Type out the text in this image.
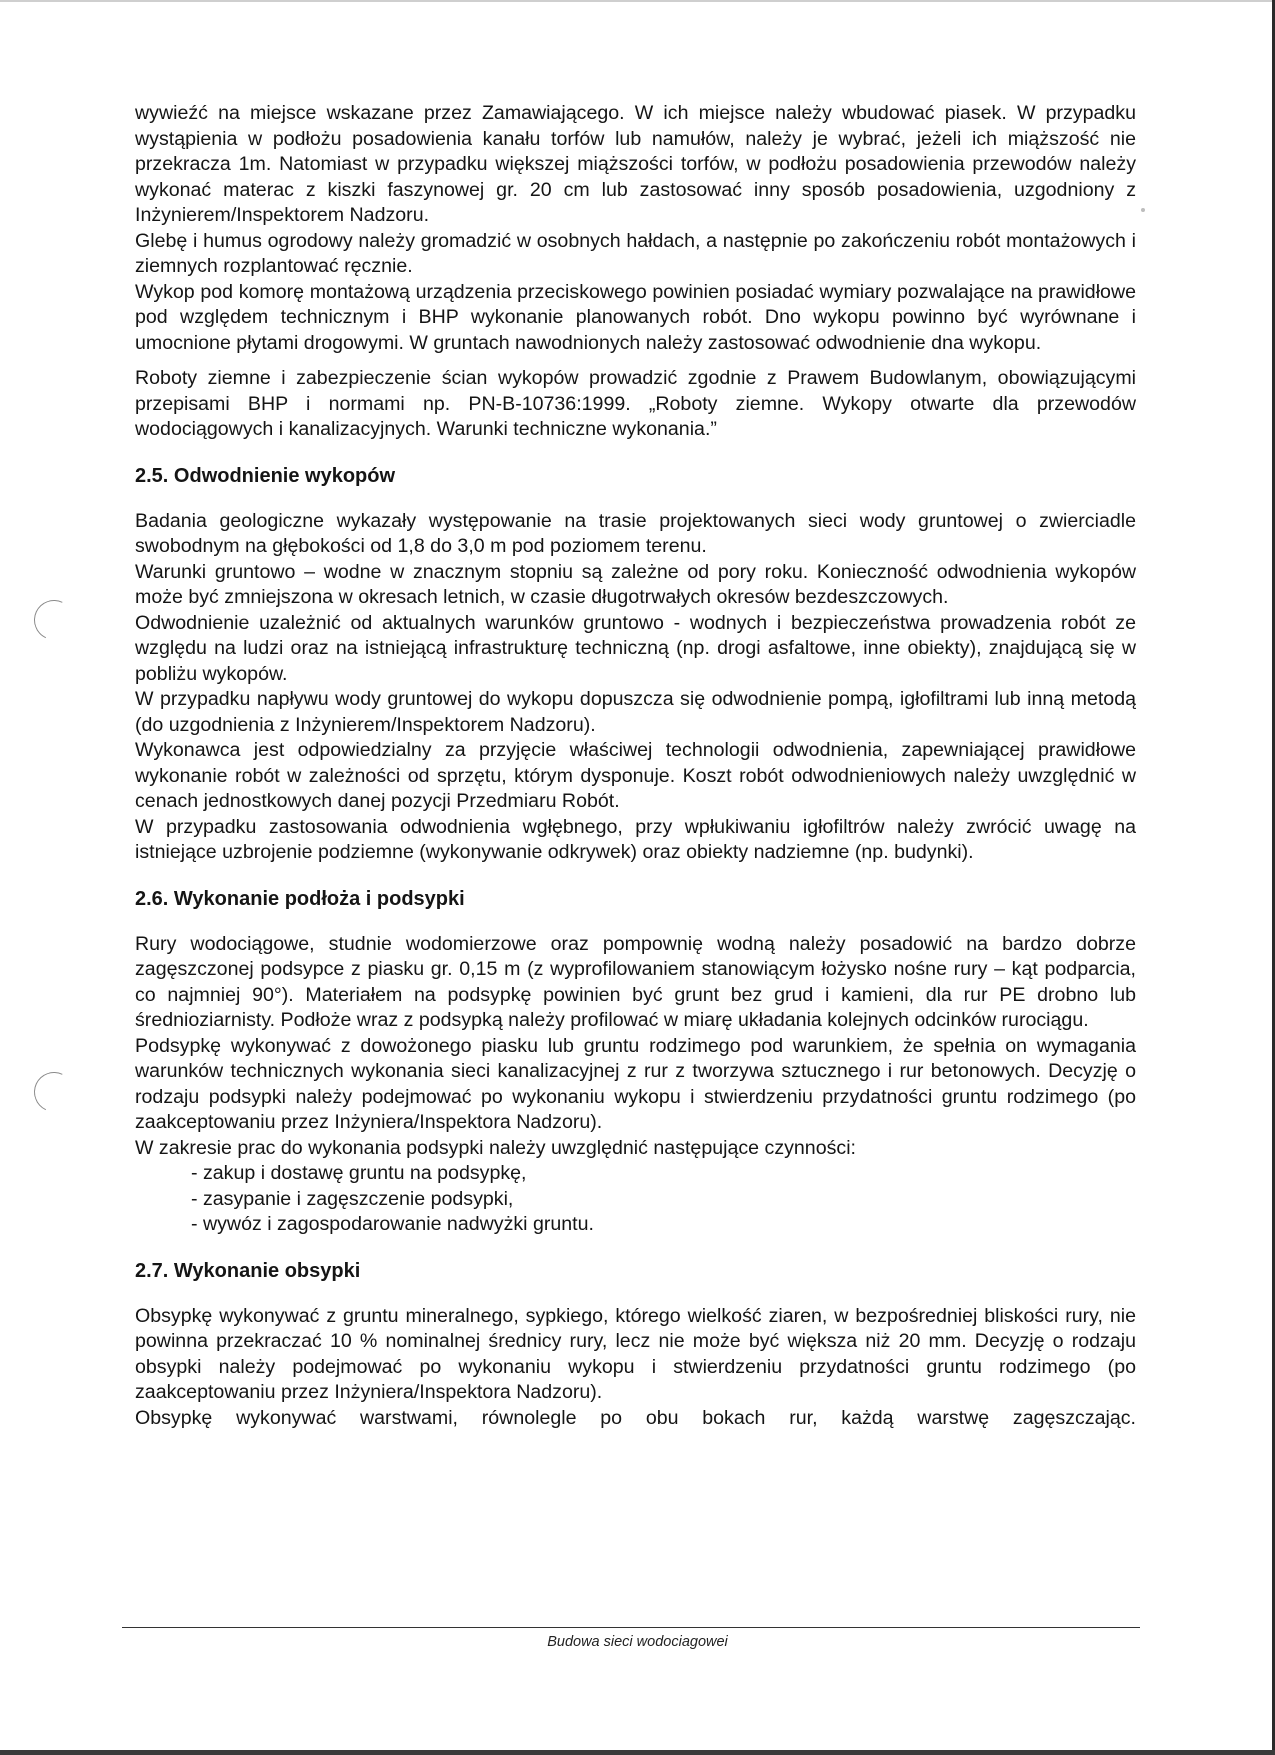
wywieźć na miejsce wskazane przez Zamawiającego. W ich miejsce należy wbudować piasek. W przypadku wystąpienia w podłożu posadowienia kanału torfów lub namułów, należy je wybrać, jeżeli ich miąższość nie przekracza 1m. Natomiast w przypadku większej miąższości torfów, w podłożu posadowienia przewodów należy wykonać materac z kiszki faszynowej gr. 20 cm lub zastosować inny sposób posadowienia, uzgodniony z Inżynierem/Inspektorem Nadzoru.

Glebę i humus ogrodowy należy gromadzić w osobnych hałdach, a następnie po zakończeniu robót montażowych i ziemnych rozplantować ręcznie.

Wykop pod komorę montażową urządzenia przeciskowego powinien posiadać wymiary pozwalające na prawidłowe pod względem technicznym i BHP wykonanie planowanych robót. Dno wykopu powinno być wyrównane i umocnione płytami drogowymi. W gruntach nawodnionych należy zastosować odwodnienie dna wykopu.

Roboty ziemne i zabezpieczenie ścian wykopów prowadzić zgodnie z Prawem Budowlanym, obowiązującymi przepisami BHP i normami np. PN-B-10736:1999. „Roboty ziemne. Wykopy otwarte dla przewodów wodociągowych i kanalizacyjnych. Warunki techniczne wykonania.”

2.5. Odwodnienie wykopów

Badania geologiczne wykazały występowanie na trasie projektowanych sieci wody gruntowej o zwierciadle swobodnym na głębokości od 1,8 do 3,0 m pod poziomem terenu.

Warunki gruntowo – wodne w znacznym stopniu są zależne od pory roku. Konieczność odwodnienia wykopów może być zmniejszona w okresach letnich, w czasie długotrwałych okresów bezdeszczowych.

Odwodnienie uzależnić od aktualnych warunków gruntowo - wodnych i bezpieczeństwa prowadzenia robót ze względu na ludzi oraz na istniejącą infrastrukturę techniczną (np. drogi asfaltowe, inne obiekty), znajdującą się w pobliżu wykopów.

W przypadku napływu wody gruntowej do wykopu dopuszcza się odwodnienie pompą, igłofiltrami lub inną metodą (do uzgodnienia z Inżynierem/Inspektorem Nadzoru).

Wykonawca jest odpowiedzialny za przyjęcie właściwej technologii odwodnienia, zapewniającej prawidłowe wykonanie robót w zależności od sprzętu, którym dysponuje. Koszt robót odwodnieniowych należy uwzględnić w cenach jednostkowych danej pozycji Przedmiaru Robót.

W przypadku zastosowania odwodnienia wgłębnego, przy wpłukiwaniu igłofiltrów należy zwrócić uwagę na istniejące uzbrojenie podziemne (wykonywanie odkrywek) oraz obiekty nadziemne (np. budynki).

2.6. Wykonanie podłoża i podsypki

Rury wodociągowe, studnie wodomierzowe oraz pompownię wodną należy posadowić na bardzo dobrze zagęszczonej podsypce z piasku gr. 0,15 m (z wyprofilowaniem stanowiącym łożysko nośne rury – kąt podparcia, co najmniej 90°). Materiałem na podsypkę powinien być grunt bez grud i kamieni, dla rur PE drobno lub średnioziarnisty. Podłoże wraz z podsypką należy profilować w miarę układania kolejnych odcinków rurociągu.

Podsypkę wykonywać z dowożonego piasku lub gruntu rodzimego pod warunkiem, że spełnia on wymagania warunków technicznych wykonania sieci kanalizacyjnej z rur z tworzywa sztucznego i rur betonowych. Decyzję o rodzaju podsypki należy podejmować po wykonaniu wykopu i stwierdzeniu przydatności gruntu rodzimego (po zaakceptowaniu przez Inżyniera/Inspektora Nadzoru).

W zakresie prac do wykonania podsypki należy uwzględnić następujące czynności:

- zakup i dostawę gruntu na podsypkę,
- zasypanie i zagęszczenie podsypki,
- wywóz i zagospodarowanie nadwyżki gruntu.
2.7. Wykonanie obsypki

Obsypkę wykonywać z gruntu mineralnego, sypkiego, którego wielkość ziaren, w bezpośredniej bliskości rury, nie powinna przekraczać 10 % nominalnej średnicy rury, lecz nie może być większa niż 20 mm. Decyzję o rodzaju obsypki należy podejmować po wykonaniu wykopu i stwierdzeniu przydatności gruntu rodzimego (po zaakceptowaniu przez Inżyniera/Inspektora Nadzoru).

Obsypkę wykonywać warstwami, równolegle po obu bokach rur, każdą warstwę zagęszczając.

Budowa sieci wodociagowei
